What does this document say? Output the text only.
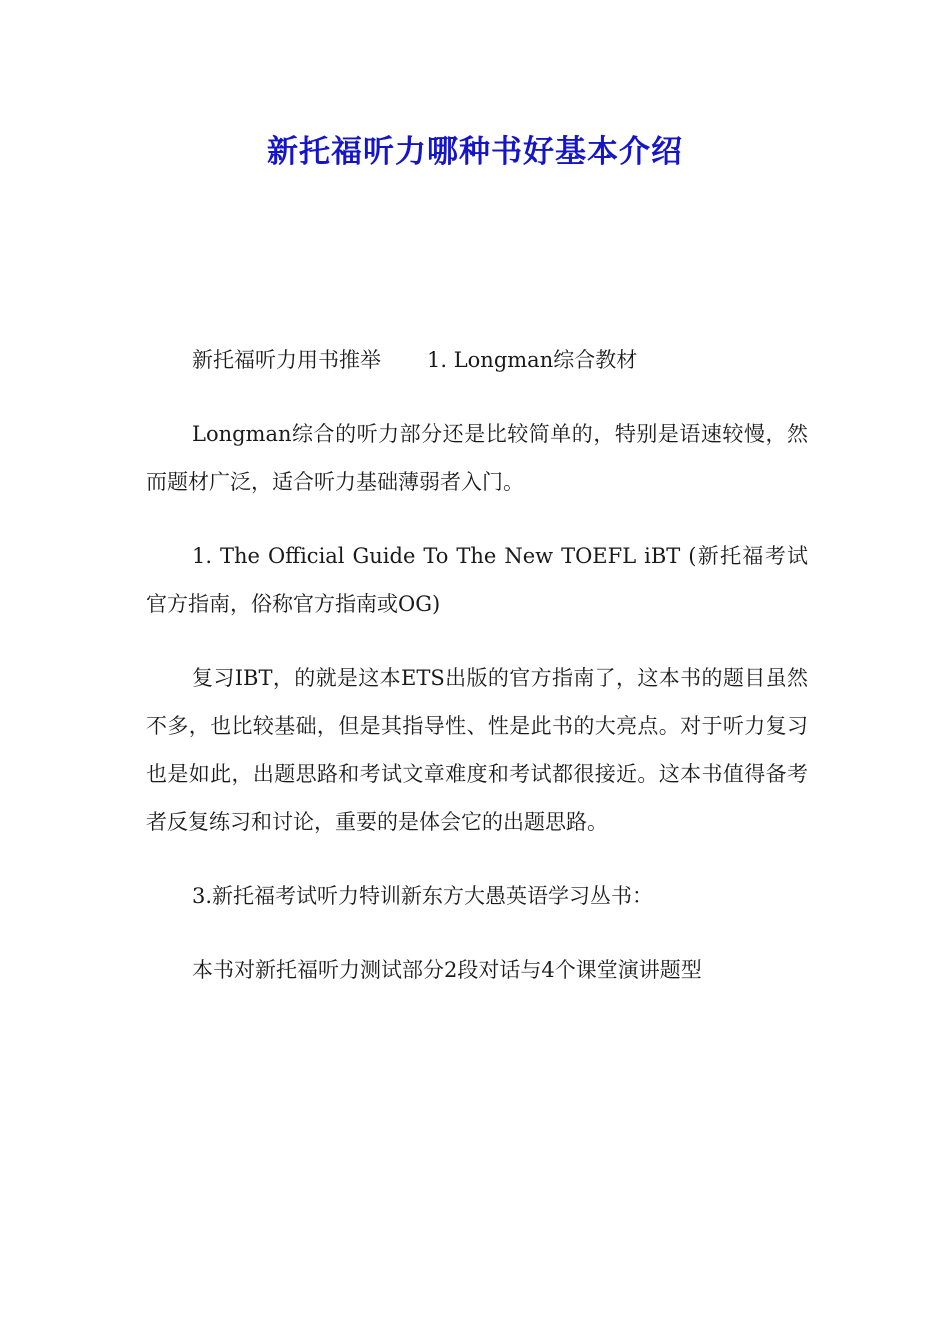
新托福听力哪种书好基本介绍

新托福听力用书推举 1. Longman综合教材

Longman综合的听力部分还是比较简单的，特别是语速较慢，然而题材广泛，适合听力基础薄弱者入门。

1. The Official Guide To The New TOEFL iBT (新托福考试官方指南，俗称官方指南或OG)

复习IBT，的就是这本ETS出版的官方指南了，这本书的题目虽然不多，也比较基础，但是其指导性、性是此书的大亮点。对于听力复习也是如此，出题思路和考试文章难度和考试都很接近。这本书值得备考者反复练习和讨论，重要的是体会它的出题思路。

3.新托福考试听力特训新东方大愚英语学习丛书：

本书对新托福听力测试部分2段对话与4个课堂演讲题型
